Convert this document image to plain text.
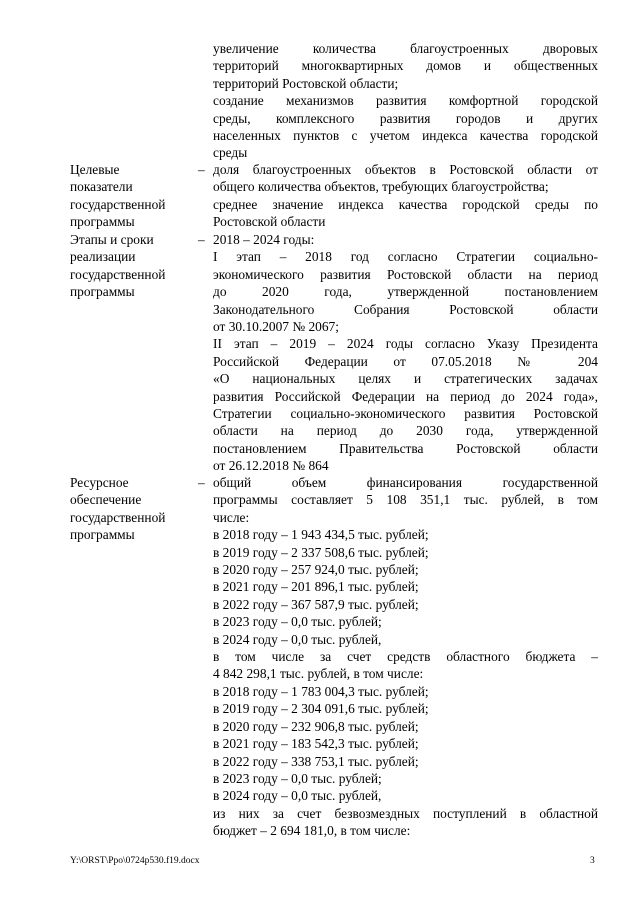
увеличение количества благоустроенных дворовых

территорий многоквартирных домов и общественных

территорий Ростовской области;

создание механизмов развития комфортной городской

среды, комплексного развития городов и других

населенных пунктов с учетом индекса качества городской

среды

Целевые
показатели
государственной
программы
– доля благоустроенных объектов в Ростовской области от

общего количества объектов, требующих благоустройства;

среднее значение индекса качества городской среды по

Ростовской области

Этапы и сроки
реализации
государственной
программы
– 2018 – 2024 годы:

I этап – 2018 год согласно Стратегии социально-

экономического развития Ростовской области на период

до 2020 года, утвержденной постановлением

Законодательного Собрания Ростовской области

от 30.10.2007 № 2067;

II этап – 2019 – 2024 годы согласно Указу Президента

Российской Федерации от 07.05.2018 № 204

«О национальных целях и стратегических задачах

развития Российской Федерации на период до 2024 года»,

Стратегии социально-экономического развития Ростовской

области на период до 2030 года, утвержденной

постановлением Правительства Ростовской области

от 26.12.2018 № 864

Ресурсное
обеспечение
государственной
программы
– общий объем финансирования государственной

программы составляет 5 108 351,1 тыс. рублей, в том

числе:

в 2018 году – 1 943 434,5 тыс. рублей;

в 2019 году – 2 337 508,6 тыс. рублей;

в 2020 году – 257 924,0 тыс. рублей;

в 2021 году – 201 896,1 тыс. рублей;

в 2022 году – 367 587,9 тыс. рублей;

в 2023 году – 0,0 тыс. рублей;

в 2024 году – 0,0 тыс. рублей,

в том числе за счет средств областного бюджета –

4 842 298,1 тыс. рублей, в том числе:

в 2018 году – 1 783 004,3 тыс. рублей;

в 2019 году – 2 304 091,6 тыс. рублей;

в 2020 году – 232 906,8 тыс. рублей;

в 2021 году – 183 542,3 тыс. рублей;

в 2022 году – 338 753,1 тыс. рублей;

в 2023 году – 0,0 тыс. рублей;

в 2024 году – 0,0 тыс. рублей,

из них за счет безвозмездных поступлений в областной

бюджет – 2 694 181,0, в том числе:

Y:\ORST\Ppo\0724p530.f19.docx	3
